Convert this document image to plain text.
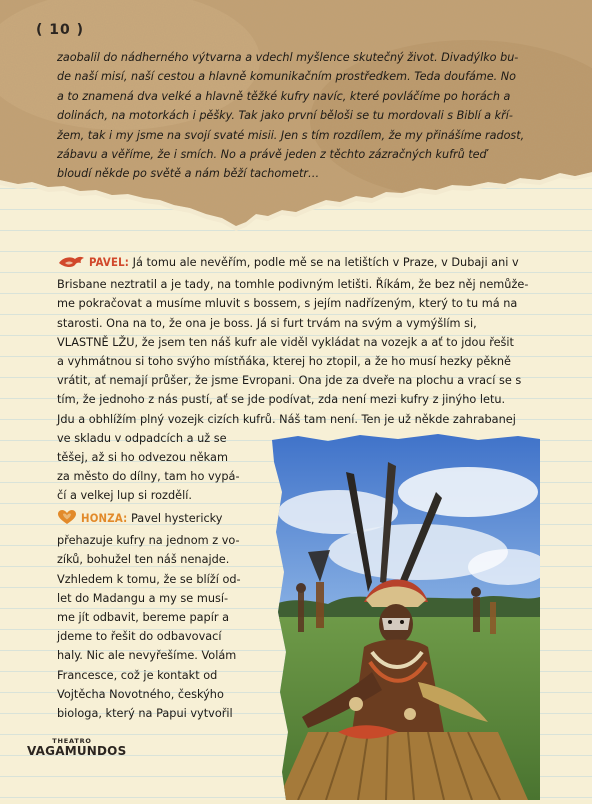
( 10 )
zaobalil do nádherného výtvarna a vdechl myšlence skutečný život. Divadýlko bu-
de naší misí, naší cestou a hlavně komunikačním prostředkem. Teda doufáme. No
a to znamená dva velké a hlavně těžké kufry navíc, které povláčíme po horách a
dolinách, na motorkách i pěšky. Tak jako první běloši se tu mordovali s Biblí a kří-
žem, tak i my jsme na svojí svaté misii. Jen s tím rozdílem, že my přinášíme radost,
zábavu a věříme, že i smích. No a právě jeden z těchto zázračných kufrů teď
bloudí někde po světě a nám běží tachometr…
PAVEL: Já tomu ale nevěřím, podle mě se na letištích v Praze, v Dubaji ani v
Brisbane neztratil a je tady, na tomhle podivným letišti. Říkám, že bez něj nemůže-
me pokračovat a musíme mluvit s bossem, s jejím nadřízeným, který to tu má na
starosti. Ona na to, že ona je boss. Já si furt trvám na svým a vymýšlím si,
VLASTNĚ LŽU, že jsem ten náš kufr ale viděl vykládat na vozejk a ať to jdou řešit
a vyhmátnou si toho svýho místňáka, kterej ho ztopil, a že ho musí hezky pěkně
vrátit, ať nemají průšer, že jsme Evropani. Ona jde za dveře na plochu a vrací se s
tím, že jednoho z nás pustí, ať se jde podívat, zda není mezi kufry z jinýho letu.
Jdu a obhlížím plný vozejk cizích kufrů. Náš tam není. Ten je už někde zahrabanej
ve skladu v odpadcích a už se
těšej, až si ho odvezou někam
za město do dílny, tam ho vypá-
čí a velkej lup si rozdělí.
HONZA: Pavel hystericky
přehazuje kufry na jednom z vo-
zíků, bohužel ten náš nenajde.
Vzhledem k tomu, že se blíží od-
let do Madangu a my se musí-
me jít odbavit, bereme papír a
jdeme to řešit do odbavovací
haly. Nic ale nevyřešíme. Volám
Francesce, což je kontakt od
Vojtěcha Novotného, českýho
biologa, který na Papui vytvořil
THEATRO
VAGAMUNDOS
